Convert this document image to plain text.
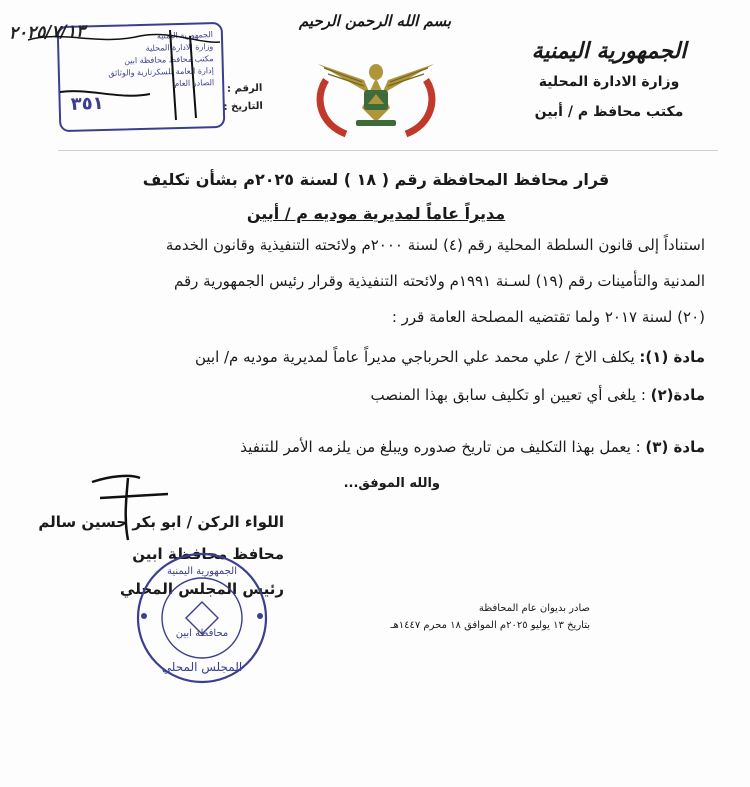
الجمهورية اليمنية
وزارة الادارة المحلية
مكتب محافظ م / أبين
بسم الله الرحمن الرحيم
الجمهورية اليمنية
وزارة الادارة المحلية
مكتب محافظ محافظة ابين
إدارة العامة للسكرتارية والوثائق
الصادر العام الرقم :
التاريخ :
٣٥١
٢٠٢٥/٧/١٣
قرار محافظ المحافظة رقم ( ١٨ ) لسنة ٢٠٢٥م بشأن تكليف
مديراً عاماً لمديرية موديه م / أبين
استناداً إلى قانون السلطة المحلية رقم (٤) لسنة ٢٠٠٠م ولائحته التنفيذية وقانون الخدمة
المدنية والتأمينات رقم (١٩) لسـنة ١٩٩١م ولائحته التنفيذية وقرار رئيس الجمهورية رقم
(٢٠) لسنة ٢٠١٧ ولما تقتضيه المصلحة العامة قرر :
مادة (١): يكلف الاخ / علي محمد علي الحرباجي مديراً عاماً لمديرية موديه م/ ابين
مادة(٢) : يلغى أي تعيين او تكليف سابق بهذا المنصب
مادة (٣) : يعمل بهذا التكليف من تاريخ صدوره ويبلغ من يلزمه الأمر للتنفيذ
والله الموفق...
اللواء الركن / ابو بكر حسين سالم
محافظ محافظة ابين
رئيس المجلس المحلي
الجمهورية اليمنية
محافظة ابين
المجلس المحلي
صادر بديوان عام المحافظة
بتاريخ ١٣ يوليو ٢٠٢٥م الموافق ١٨ محرم ١٤٤٧هـ
